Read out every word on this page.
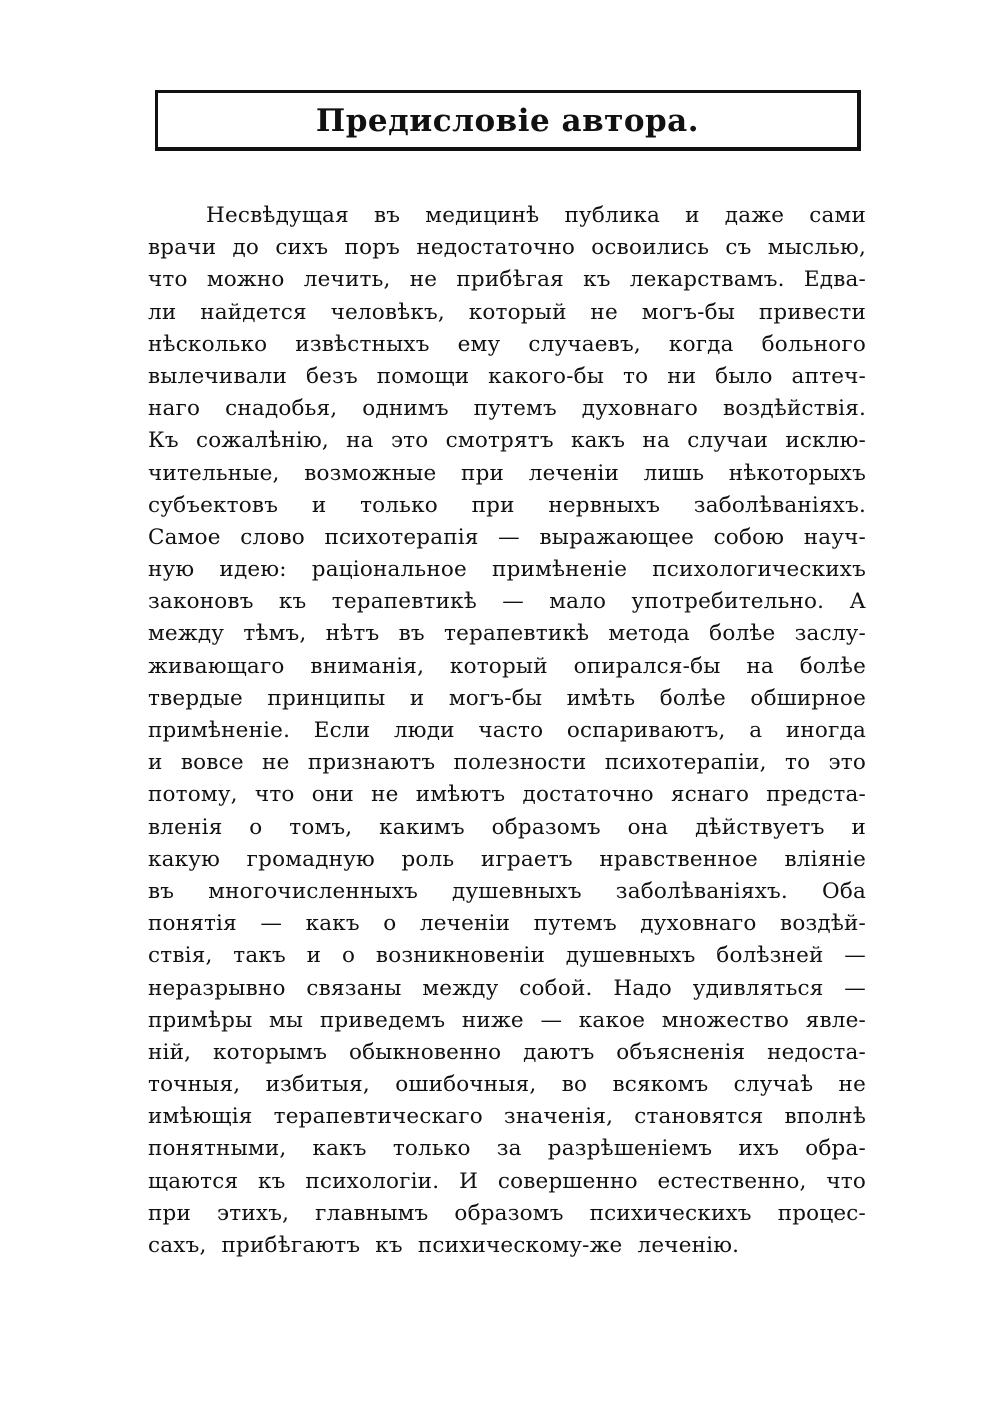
Предисловіе автора.
Несвѣдущая въ медицинѣ публика и даже сами
врачи до сихъ поръ недостаточно освоились съ мыслью,
что можно лечить, не прибѣгая къ лекарствамъ. Едва-
ли найдется человѣкъ, который не могъ-бы привести
нѣсколько извѣстныхъ ему случаевъ, когда больного
вылечивали безъ помощи какого-бы то ни было аптеч-
наго снадобья, однимъ путемъ духовнаго воздѣйствія.
Къ сожалѣнію, на это смотрятъ какъ на случаи исклю-
чительные, возможные при леченіи лишь нѣкоторыхъ
субъектовъ и только при нервныхъ заболѣваніяхъ.
Самое слово психотерапія — выражающее собою науч-
ную идею: раціональное примѣненіе психологическихъ
законовъ къ терапевтикѣ — мало употребительно. А
между тѣмъ, нѣтъ въ терапевтикѣ метода болѣе заслу-
живающаго вниманія, который опирался-бы на болѣе
твердые принципы и могъ-бы имѣть болѣе обширное
примѣненіе. Если люди часто оспариваютъ, а иногда
и вовсе не признаютъ полезности психотерапіи, то это
потому, что они не имѣютъ достаточно яснаго предста-
вленія о томъ, какимъ образомъ она дѣйствуетъ и
какую громадную роль играетъ нравственное вліяніе
въ многочисленныхъ душевныхъ заболѣваніяхъ. Оба
понятія — какъ о леченіи путемъ духовнаго воздѣй-
ствія, такъ и о возникновеніи душевныхъ болѣзней —
неразрывно связаны между собой. Надо удивляться —
примѣры мы приведемъ ниже — какое множество явле-
ній, которымъ обыкновенно даютъ объясненія недоста-
точныя, избитыя, ошибочныя, во всякомъ случаѣ не
имѣющія терапевтическаго значенія, становятся вполнѣ
понятными, какъ только за разрѣшеніемъ ихъ обра-
щаются къ психологіи. И совершенно естественно, что
при этихъ, главнымъ образомъ психическихъ процес-
сахъ, прибѣгаютъ къ психическому-же леченію.
